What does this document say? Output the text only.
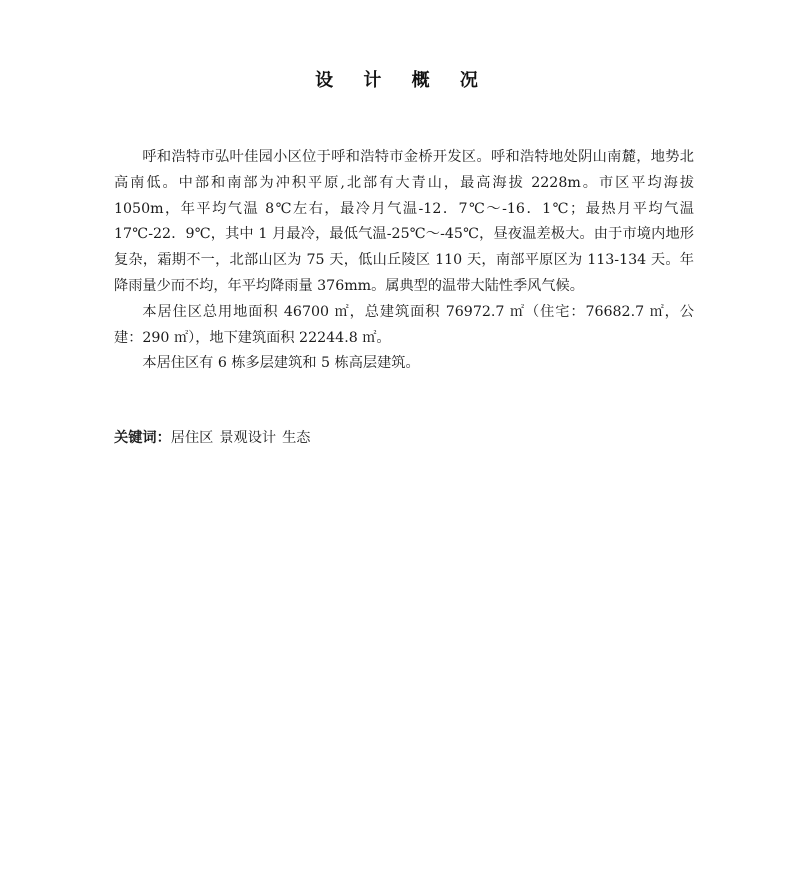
设 计 概 况

呼和浩特市弘叶佳园小区位于呼和浩特市金桥开发区。呼和浩特地处阴山南麓，地势北高南低。中部和南部为冲积平原,北部有大青山，最高海拔 2228m。市区平均海拔 1050m，年平均气温 8℃左右，最冷月气温-12．7℃～-16．1℃；最热月平均气温 17℃-22．9℃，其中 1 月最冷，最低气温-25℃～-45℃，昼夜温差极大。由于市境内地形复杂，霜期不一，北部山区为 75 天，低山丘陵区 110 天，南部平原区为 113-134 天。年降雨量少而不均，年平均降雨量 376mm。属典型的温带大陆性季风气候。

本居住区总用地面积 46700 ㎡，总建筑面积 76972.7 ㎡（住宅：76682.7 ㎡，公建：290 ㎡），地下建筑面积 22244.8 ㎡。

本居住区有 6 栋多层建筑和 5 栋高层建筑。

关键词：居住区 景观设计 生态
